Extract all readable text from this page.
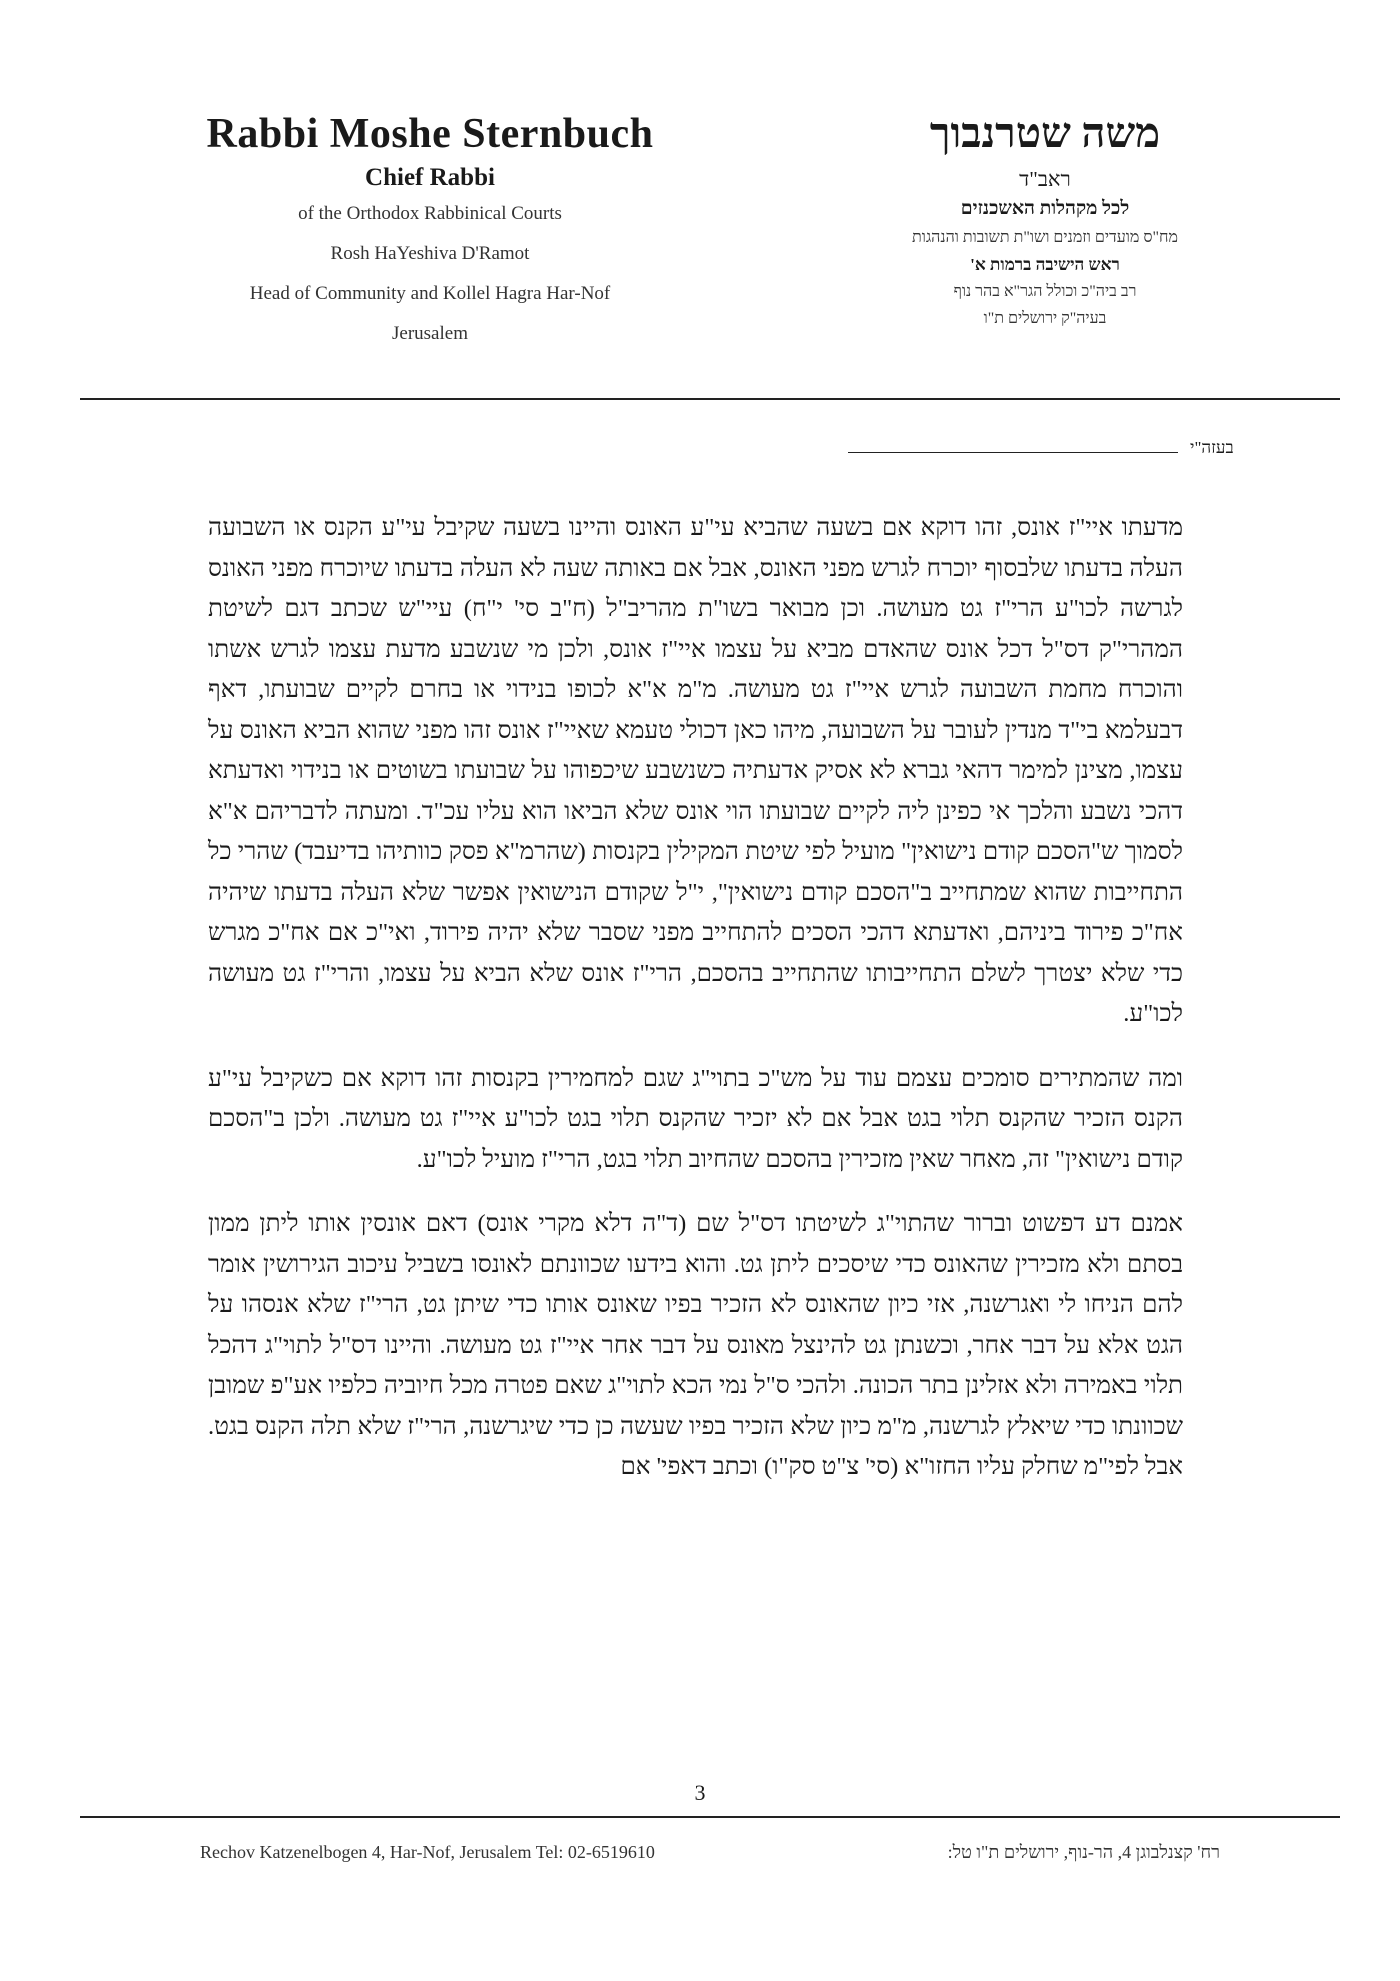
Rabbi Moshe Sternbuch
Chief Rabbi
of the Orthodox Rabbinical Courts
Rosh HaYeshiva D'Ramot
Head of Community and Kollel Hagra Har-Nof
Jerusalem
משה שטרנבוך
ראב"ד
לכל מקהלות האשכנזים
מח"ס מועדים וזמנים ושו"ת תשובות והנהגות
ראש הישיבה ברמות א'
רב ביה"כ וכולל הגר"א בהר נוף
בעיה"ק ירושלים ת"ו
בעזה"י

מדעתו איי"ז אונס, זהו דוקא אם בשעה שהביא עי"ע האונס והיינו בשעה שקיבל עי"ע הקנס או השבועה העלה בדעתו שלבסוף יוכרח לגרש מפני האונס, אבל אם באותה שעה לא העלה בדעתו שיוכרח מפני האונס לגרשה לכו"ע הרי"ז גט מעושה. וכן מבואר בשו"ת מהריב"ל (ח"ב סי' י"ח) עיי"ש שכתב דגם לשיטת המהרי"ק דס"ל דכל אונס שהאדם מביא על עצמו איי"ז אונס, ולכן מי שנשבע מדעת עצמו לגרש אשתו והוכרח מחמת השבועה לגרש איי"ז גט מעושה. מ"מ א"א לכופו בנידוי או בחרם לקיים שבועתו, דאף דבעלמא בי"ד מנדין לעובר על השבועה, מיהו כאן דכולי טעמא שאיי"ז אונס זהו מפני שהוא הביא האונס על עצמו, מצינן למימר דהאי גברא לא אסיק אדעתיה כשנשבע שיכפוהו על שבועתו בשוטים או בנידוי ואדעתא דהכי נשבע והלכך אי כפינן ליה לקיים שבועתו הוי אונס שלא הביאו הוא עליו עכ"ד. ומעתה לדבריהם א"א לסמוך ש"הסכם קודם נישואין" מועיל לפי שיטת המקילין בקנסות (שהרמ"א פסק כוותיהו בדיעבד) שהרי כל התחייבות שהוא שמתחייב ב"הסכם קודם נישואין", י"ל שקודם הנישואין אפשר שלא העלה בדעתו שיהיה אח"כ פירוד ביניהם, ואדעתא דהכי הסכים להתחייב מפני שסבר שלא יהיה פירוד, ואי"כ אם אח"כ מגרש כדי שלא יצטרך לשלם התחייבותו שהתחייב בהסכם, הרי"ז אונס שלא הביא על עצמו, והרי"ז גט מעושה לכו"ע.

ומה שהמתירים סומכים עצמם עוד על מש"כ בתוי"ג שגם למחמירין בקנסות זהו דוקא אם כשקיבל עי"ע הקנס הזכיר שהקנס תלוי בגט אבל אם לא יזכיר שהקנס תלוי בגט לכו"ע איי"ז גט מעושה. ולכן ב"הסכם קודם נישואין" זה, מאחר שאין מזכירין בהסכם שהחיוב תלוי בגט, הרי"ז מועיל לכו"ע.

אמנם דע דפשוט וברור שהתוי"ג לשיטתו דס"ל שם (ד"ה דלא מקרי אונס) דאם אונסין אותו ליתן ממון בסתם ולא מזכירין שהאונס כדי שיסכים ליתן גט. והוא בידעו שכוונתם לאונסו בשביל עיכוב הגירושין אומר להם הניחו לי ואגרשנה, אזי כיון שהאונס לא הזכיר בפיו שאונס אותו כדי שיתן גט, הרי"ז שלא אנסהו על הגט אלא על דבר אחר, וכשנתן גט להינצל מאונס על דבר אחר איי"ז גט מעושה. והיינו דס"ל לתוי"ג דהכל תלוי באמירה ולא אזלינן בתר הכונה. ולהכי ס"ל נמי הכא לתוי"ג שאם פטרה מכל חיוביה כלפיו אע"פ שמובן שכוונתו כדי שיאלץ לגרשנה, מ"מ כיון שלא הזכיר בפיו שעשה כן כדי שיגרשנה, הרי"ז שלא תלה הקנס בגט. אבל לפי"מ שחלק עליו החזו"א (סי' צ"ט סק"ו) וכתב דאפי' אם

3
Rechov Katzenelbogen 4, Har-Nof, Jerusalem Tel: 02-6519610	רח' קצנלבוגן 4, הר-נוף, ירושלים ת"ו טל:
